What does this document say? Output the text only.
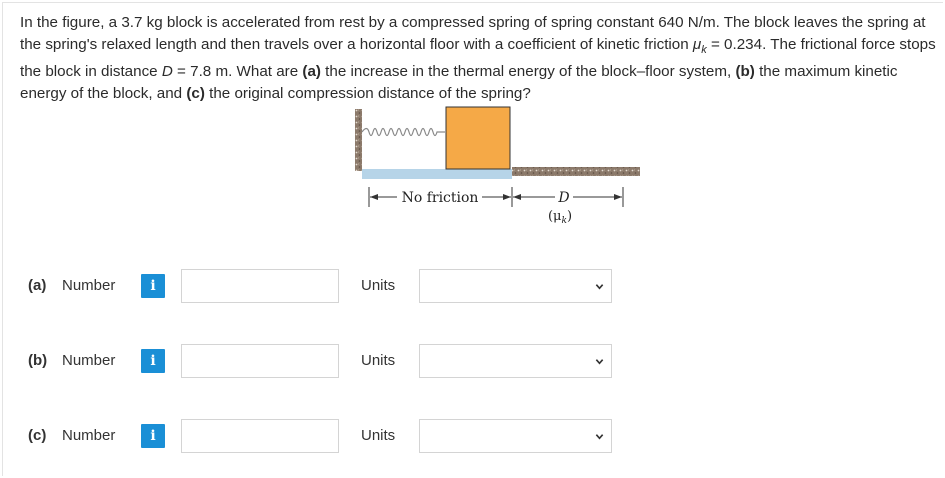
In the figure, a 3.7 kg block is accelerated from rest by a compressed spring of spring constant 640 N/m. The block leaves the spring at the spring's relaxed length and then travels over a horizontal floor with a coefficient of kinetic friction $\mu_k = 0.234$. The frictional force stops the block in distance D = 7.8 m. What are (a) the increase in the thermal energy of the block–floor system, (b) the maximum kinetic energy of the block, and (c) the original compression distance of the spring?

No friction	D
$(\mu_k)$
(a) Number	i	Units
(b) Number	i	Units
(c) Number	i	Units
